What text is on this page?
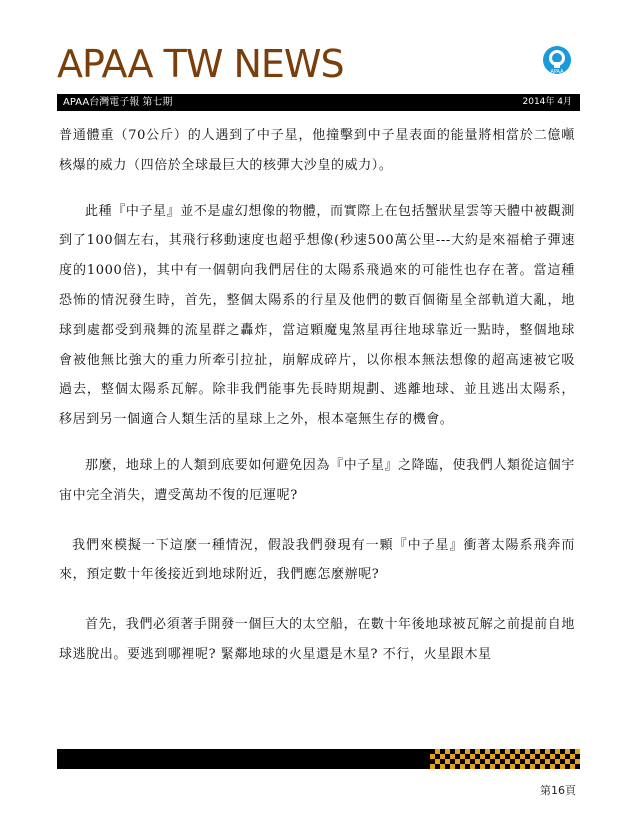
APAA TW NEWS	APAA
APAA台灣電子報 第七期	2014年 4月

普通體重（70公斤）的人遇到了中子星，他撞擊到中子星表面的能量將相當於二億噸核爆的威力（四倍於全球最巨大的核彈大沙皇的威力）。

此種『中子星』並不是虛幻想像的物體，而實際上在包括蟹狀星雲等天體中被觀測到了100個左右，其飛行移動速度也超乎想像(秒速500萬公里---大約是來福槍子彈速度的1000倍)，其中有一個朝向我們居住的太陽系飛過來的可能性也存在著。當這種恐怖的情況發生時，首先，整個太陽系的行星及他們的數百個衛星全部軌道大亂，地球到處都受到飛舞的流星群之轟炸，當這顆魔鬼煞星再往地球靠近一點時，整個地球會被他無比強大的重力所牽引拉扯，崩解成碎片，以你根本無法想像的超高速被它吸過去，整個太陽系瓦解。除非我們能事先長時期規劃、逃離地球、並且逃出太陽系，移居到另一個適合人類生活的星球上之外，根本毫無生存的機會。

那麼，地球上的人類到底要如何避免因為『中子星』之降臨，使我們人類從這個宇宙中完全消失，遭受萬劫不復的厄運呢?

我們來模擬一下這麼一種情況，假設我們發現有一顆『中子星』衝著太陽系飛奔而來，預定數十年後接近到地球附近，我們應怎麼辦呢?

首先，我們必須著手開發一個巨大的太空船，在數十年後地球被瓦解之前提前自地球逃脫出。要逃到哪裡呢? 緊鄰地球的火星還是木星? 不行，火星跟木星

第16頁
